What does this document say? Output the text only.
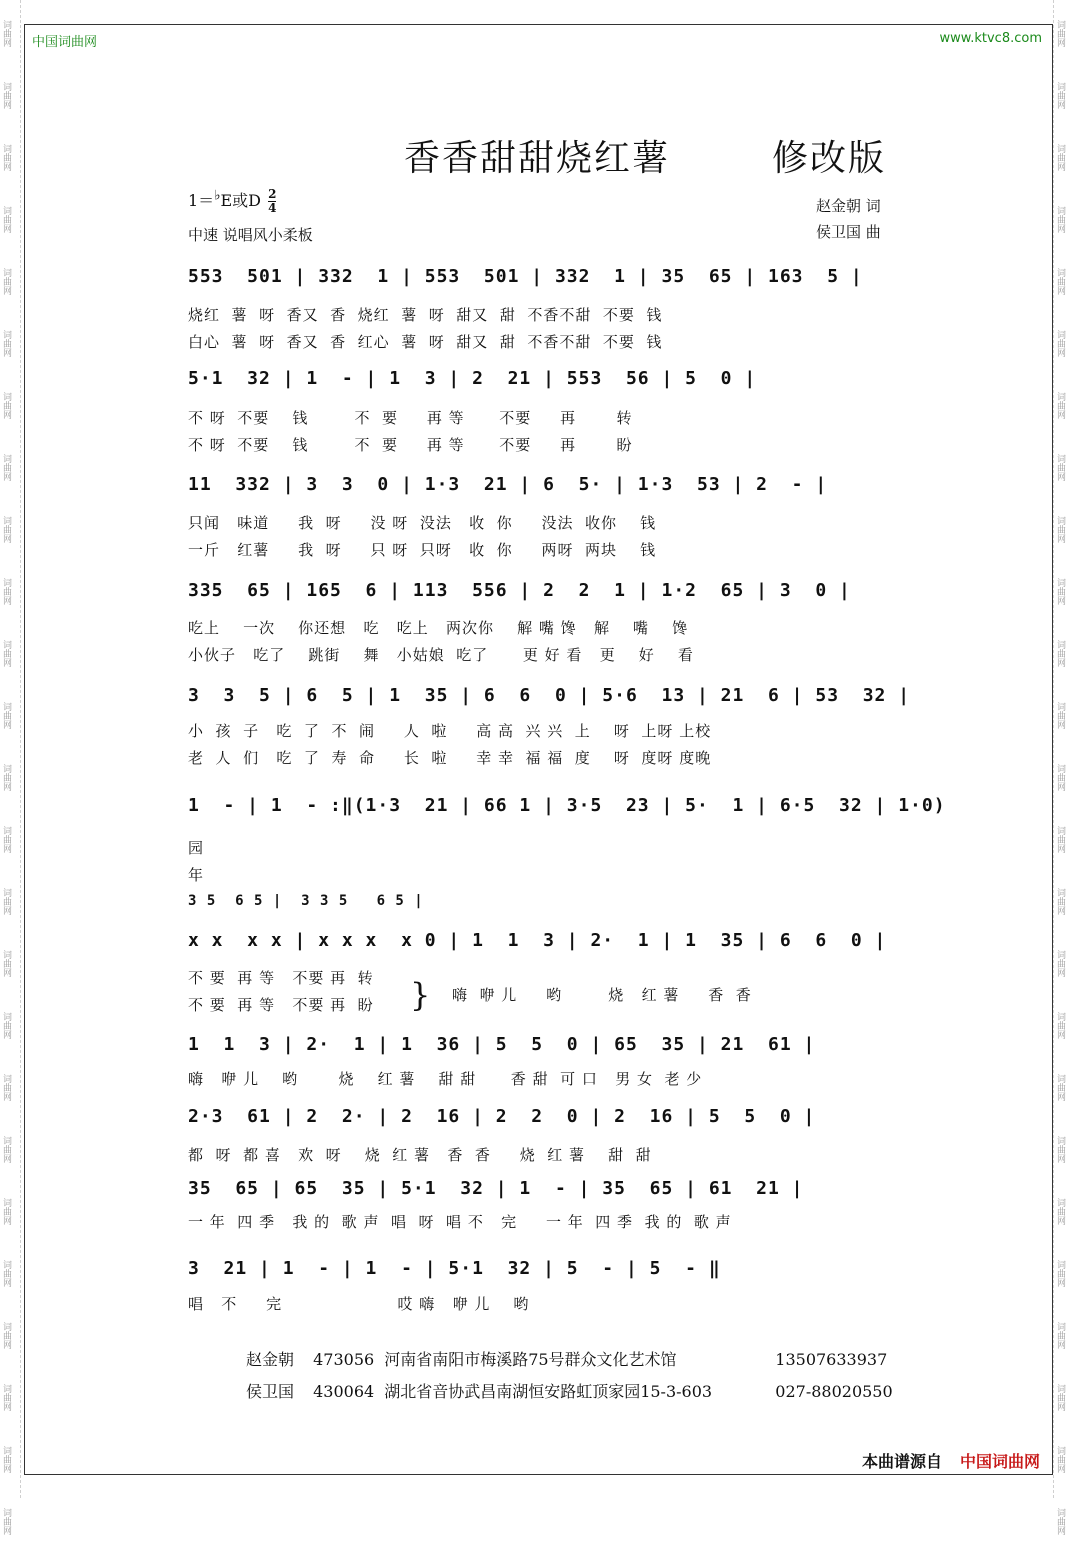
词曲网
词曲网
词曲网
词曲网
词曲网
词曲网
词曲网
词曲网
词曲网
词曲网
词曲网
词曲网
词曲网
词曲网
词曲网
词曲网
词曲网
词曲网
词曲网
词曲网
词曲网
词曲网
词曲网
词曲网
词曲网
词曲网
词曲网
词曲网
词曲网
词曲网
词曲网
词曲网
词曲网
词曲网
词曲网
词曲网
词曲网
词曲网
词曲网
词曲网
词曲网
词曲网
词曲网
词曲网
词曲网
词曲网
词曲网
词曲网
词曲网
词曲网
中国词曲网	www.ktvc8.com
香香甜甜烧红薯	修改版
1＝♭E或D $\frac{2}{4}$
中速 说唱风小柔板
赵金朝 词
侯卫国 曲
553  501 | 332  1 | 553  501 | 332  1 | 35  65 | 163  5 |
烧红  薯  呀  香又  香  烧红  薯  呀  甜又  甜  不香不甜  不要  钱
白心  薯  呀  香又  香  红心  薯  呀  甜又  甜  不香不甜  不要  钱
5·1  32 | 1  - | 1  3 | 2  21 | 553  56 | 5  0 |
不 呀  不要    钱        不  要     再 等      不要     再       转
不 呀  不要    钱        不  要     再 等      不要     再       盼
11  332 | 3  3  0 | 1·3  21 | 6  5· | 1·3  53 | 2  - |
只闻   味道     我  呀     没 呀  没法   收  你     没法  收你    钱
一斤   红薯     我  呀     只 呀  只呀   收  你     两呀  两块    钱
335  65 | 165  6 | 113  556 | 2  2  1 | 1·2  65 | 3  0 |
吃上    一次    你还想   吃   吃上   两次你    解 嘴 馋   解    嘴    馋
小伙子   吃了    跳街    舞   小姑娘  吃了      更 好 看   更    好    看
3  3  5 | 6  5 | 1  35 | 6  6  0 | 5·6  13 | 21  6 | 53  32 |
小  孩  子   吃  了  不  闹     人  啦     高 高  兴 兴  上    呀  上呀 上校
老  人  们   吃  了  寿  命     长  啦     幸 幸  福 福  度    呀  度呀 度晚
1  - | 1  - :‖(1·3  21 | 66 1 | 3·5  23 | 5·  1 | 6·5  32 | 1·0)
园
年
3 5  6 5 |  3 3 5   6 5 |
x x  x x | x x x  x 0 | 1  1  3 | 2·  1 | 1  35 | 6  6  0 |
不 要  再 等   不要 再  转
不 要  再 等   不要 再  盼 } 嗨  咿 儿     哟        烧   红 薯     香  香
1  1  3 | 2·  1 | 1  36 | 5  5  0 | 65  35 | 21  61 |
嗨   咿 儿    哟       烧    红 薯    甜 甜      香 甜  可 口   男 女  老 少
2·3  61 | 2  2· | 2  16 | 2  2  0 | 2  16 | 5  5  0 |
都  呀  都 喜   欢  呀    烧  红 薯   香  香     烧  红 薯    甜  甜
35  65 | 65  35 | 5·1  32 | 1  - | 35  65 | 61  21 |
一 年  四 季   我 的  歌 声  唱  呀  唱 不   完     一 年  四 季  我 的  歌 声
3  21 | 1  - | 1  - | 5·1  32 | 5  - | 5  - ‖
唱   不     完                    哎 嗨   咿 儿    哟
赵金朝 473056 河南省南阳市梅溪路75号群众文化艺术馆	13507633937
侯卫国 430064 湖北省音协武昌南湖恒安路虹顶家园15-3-603	027-88020550
本曲谱源自 中国词曲网
